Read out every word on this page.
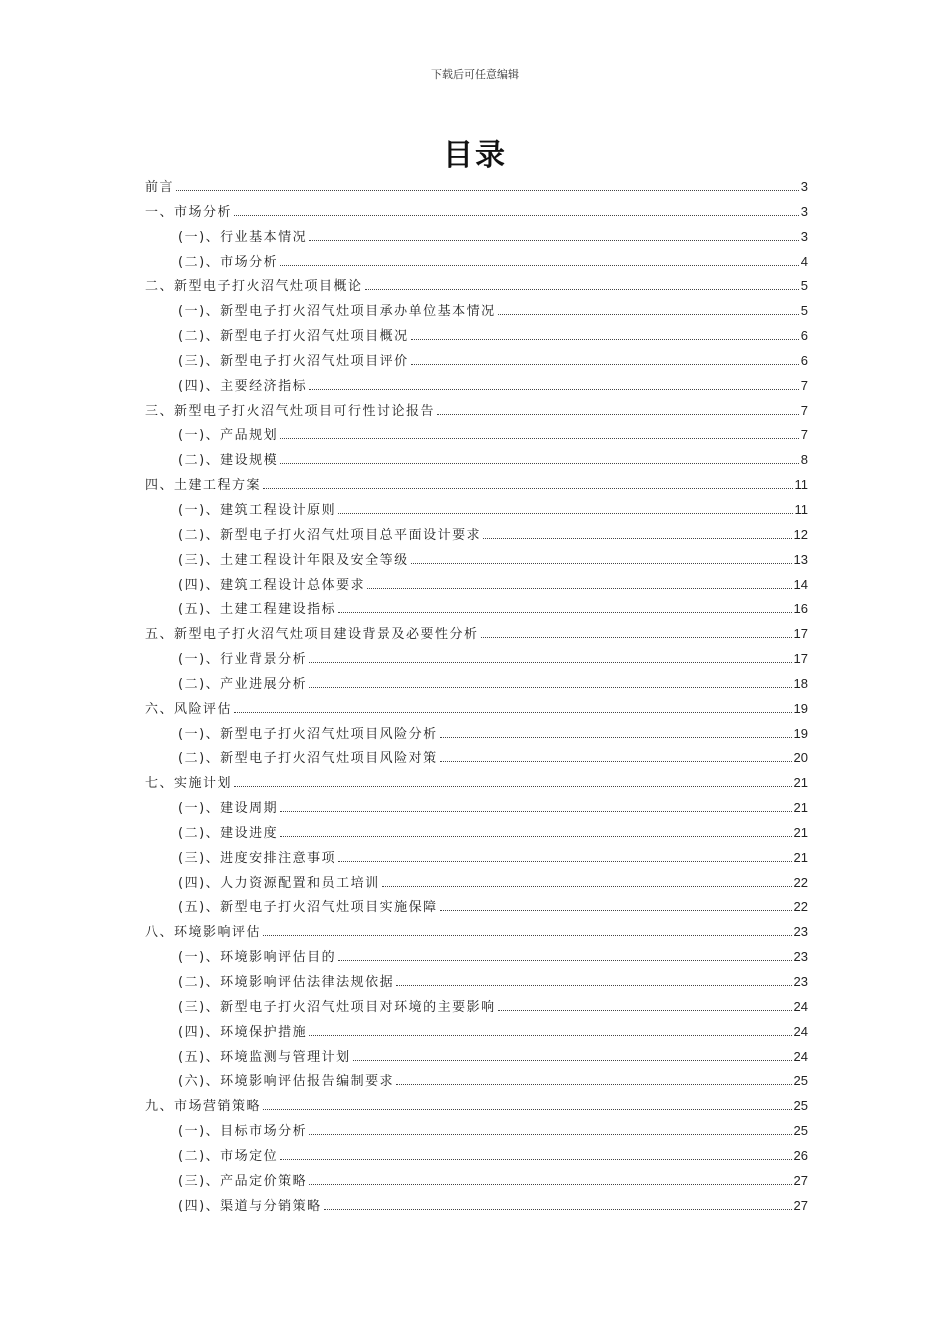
下载后可任意编辑
目录
前言	3
一、市场分析	3
(一)、行业基本情况	3
(二)、市场分析	4
二、新型电子打火沼气灶项目概论	5
(一)、新型电子打火沼气灶项目承办单位基本情况	5
(二)、新型电子打火沼气灶项目概况	6
(三)、新型电子打火沼气灶项目评价	6
(四)、主要经济指标	7
三、新型电子打火沼气灶项目可行性讨论报告	7
(一)、产品规划	7
(二)、建设规模	8
四、土建工程方案	11
(一)、建筑工程设计原则	11
(二)、新型电子打火沼气灶项目总平面设计要求	12
(三)、土建工程设计年限及安全等级	13
(四)、建筑工程设计总体要求	14
(五)、土建工程建设指标	16
五、新型电子打火沼气灶项目建设背景及必要性分析	17
(一)、行业背景分析	17
(二)、产业进展分析	18
六、风险评估	19
(一)、新型电子打火沼气灶项目风险分析	19
(二)、新型电子打火沼气灶项目风险对策	20
七、实施计划	21
(一)、建设周期	21
(二)、建设进度	21
(三)、进度安排注意事项	21
(四)、人力资源配置和员工培训	22
(五)、新型电子打火沼气灶项目实施保障	22
八、环境影响评估	23
(一)、环境影响评估目的	23
(二)、环境影响评估法律法规依据	23
(三)、新型电子打火沼气灶项目对环境的主要影响	24
(四)、环境保护措施	24
(五)、环境监测与管理计划	24
(六)、环境影响评估报告编制要求	25
九、市场营销策略	25
(一)、目标市场分析	25
(二)、市场定位	26
(三)、产品定价策略	27
(四)、渠道与分销策略	27
